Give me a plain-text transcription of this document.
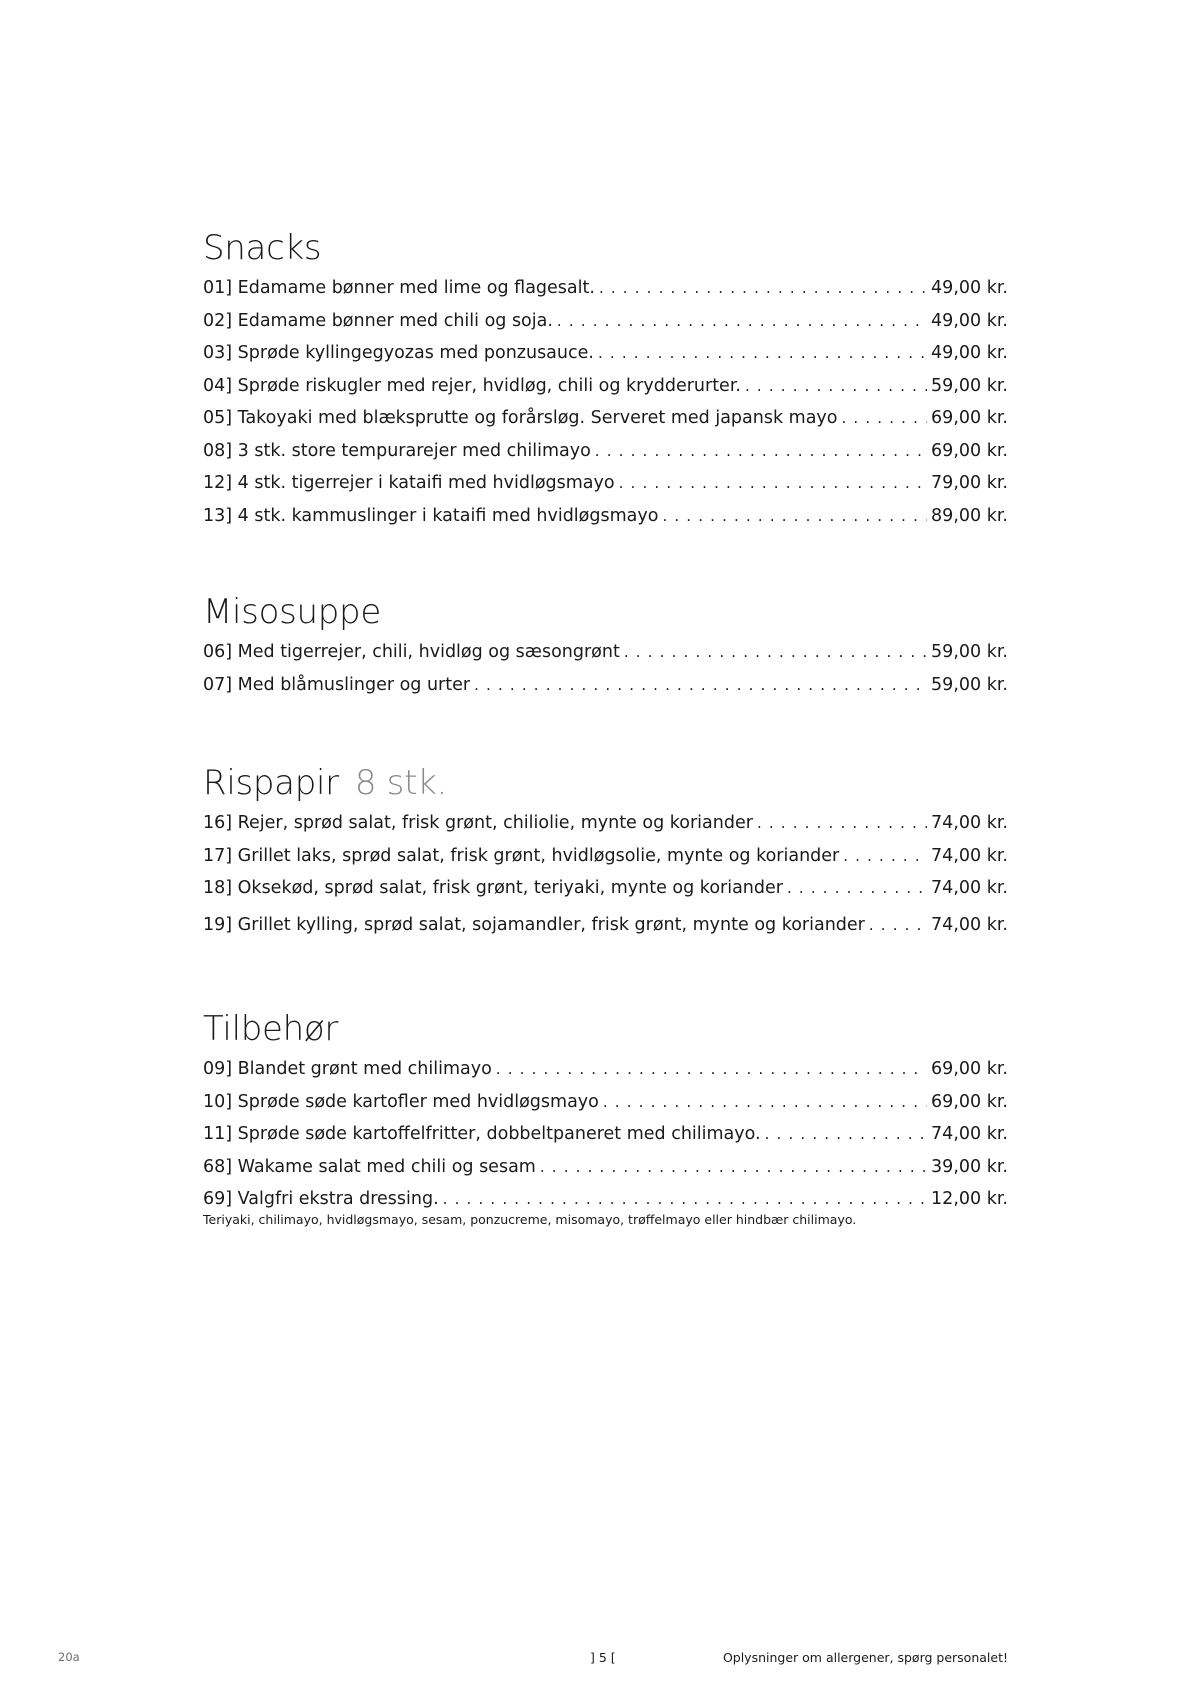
Snacks
01] Edamame bønner med lime og flagesalt. . . .	49,00 kr.
02] Edamame bønner med chili og soja. . . .	49,00 kr.
03] Sprøde kyllingegyozas med ponzusauce. . . .	49,00 kr.
04] Sprøde riskugler med rejer, hvidløg, chili og krydderurter. . . .	59,00 kr.
05] Takoyaki med blæksprutte og forårsløg. Serveret med japansk mayo . . .	69,00 kr.
08] 3 stk. store tempurarejer med chilimayo . . .	69,00 kr.
12] 4 stk. tigerrejer i kataifi med hvidløgsmayo . . .	79,00 kr.
13] 4 stk. kammuslinger i kataifi med hvidløgsmayo . . .	89,00 kr.
Misosuppe
06] Med tigerrejer, chili, hvidløg og sæsongrønt . . .	59,00 kr.
07] Med blåmuslinger og urter . . .	59,00 kr.
Rispapir 8 stk.
16] Rejer, sprød salat, frisk grønt, chiliolie, mynte og koriander . . .	74,00 kr.
17] Grillet laks, sprød salat, frisk grønt, hvidløgsolie, mynte og koriander . . .	74,00 kr.
18] Oksekød, sprød salat, frisk grønt, teriyaki, mynte og koriander . . .	74,00 kr.
19] Grillet kylling, sprød salat, sojamandler, frisk grønt, mynte og koriander . . .	74,00 kr.
Tilbehør
09] Blandet grønt med chilimayo . . .	69,00 kr.
10] Sprøde søde kartofler med hvidløgsmayo . . .	69,00 kr.
11] Sprøde søde kartoffelfritter, dobbeltpaneret med chilimayo. . . .	74,00 kr.
68] Wakame salat med chili og sesam . . .	39,00 kr.
69] Valgfri ekstra dressing. . . .	12,00 kr.
Teriyaki, chilimayo, hvidløgsmayo, sesam, ponzucreme, misomayo, trøffelmayo eller hindbær chilimayo.
20a	] 5 [	Oplysninger om allergener, spørg personalet!
